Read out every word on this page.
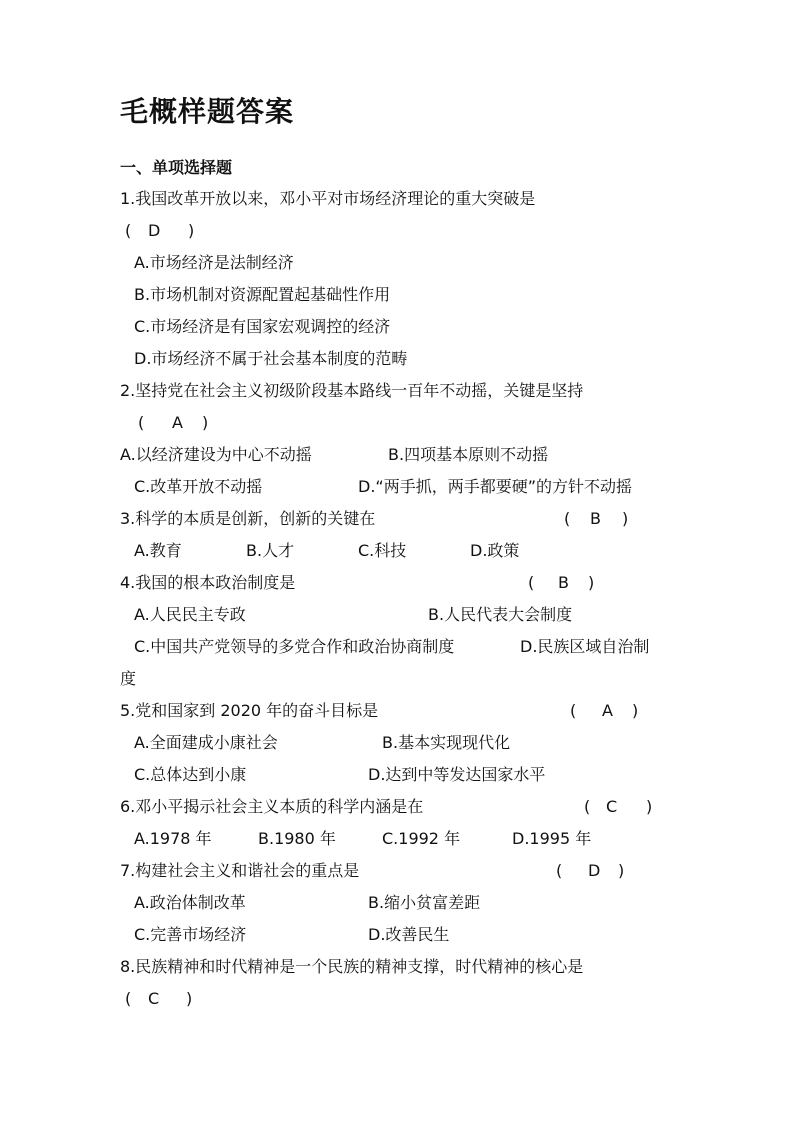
毛概样题答案
一、单项选择题
1.我国改革开放以来，邓小平对市场经济理论的重大突破是
( D )
A.市场经济是法制经济
B.市场机制对资源配置起基础性作用
C.市场经济是有国家宏观调控的经济
D.市场经济不属于社会基本制度的范畴
2.坚持党在社会主义初级阶段基本路线一百年不动摇，关键是坚持
( A )
A.以经济建设为中心不动摇	B.四项基本原则不动摇
C.改革开放不动摇	D.“两手抓，两手都要硬”的方针不动摇
3.科学的本质是创新，创新的关键在	( B )
A.教育	B.人才	C.科技	D.政策
4.我国的根本政治制度是	( B )
A.人民民主专政	B.人民代表大会制度
C.中国共产党领导的多党合作和政治协商制度	D.民族区域自治制
度
5.党和国家到 2020 年的奋斗目标是	( A )
A.全面建成小康社会	B.基本实现现代化
C.总体达到小康	D.达到中等发达国家水平
6.邓小平揭示社会主义本质的科学内涵是在	( C )
A.1978 年	B.1980 年	C.1992 年	D.1995 年
7.构建社会主义和谐社会的重点是	( D )
A.政治体制改革	B.缩小贫富差距
C.完善市场经济	D.改善民生
8.民族精神和时代精神是一个民族的精神支撑，时代精神的核心是
( C )
